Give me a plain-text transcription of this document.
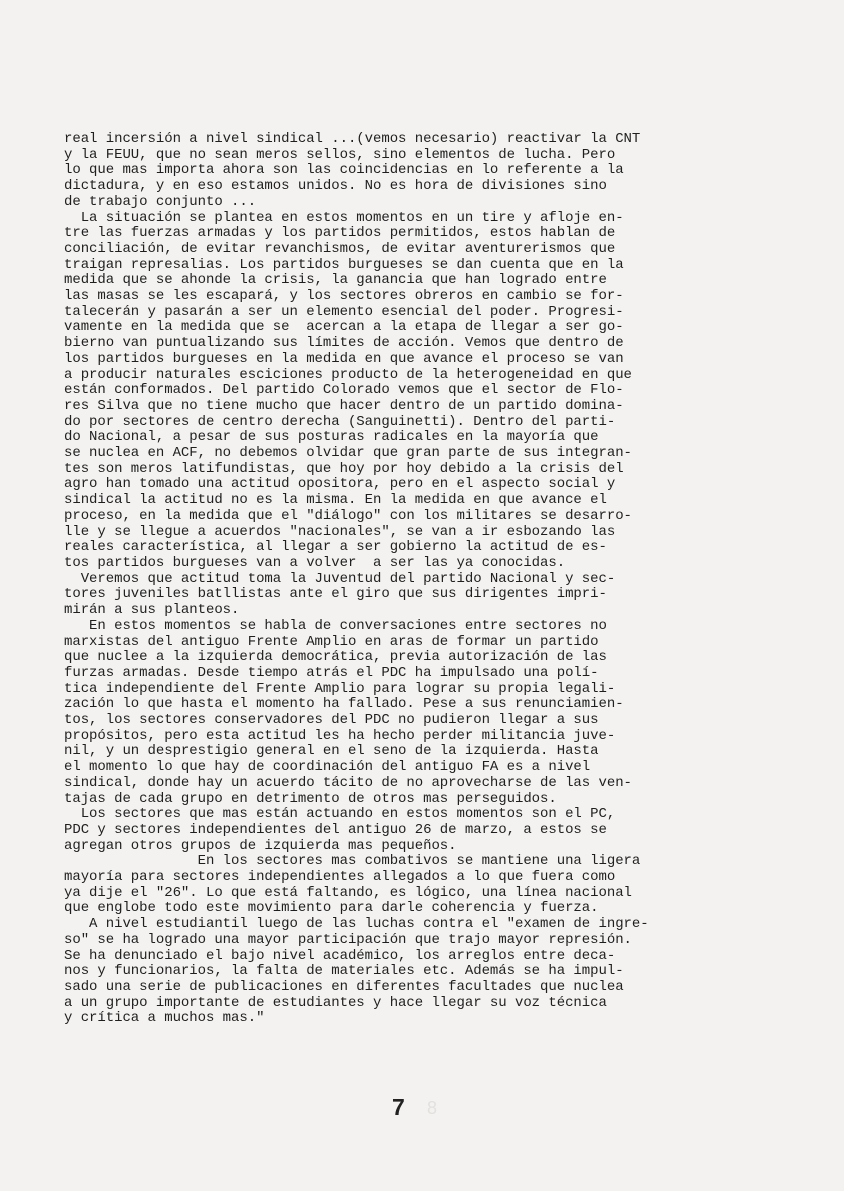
real incersión a nivel sindical ...(vemos necesario) reactivar la CNT
y la FEUU, que no sean meros sellos, sino elementos de lucha. Pero
lo que mas importa ahora son las coincidencias en lo referente a la
dictadura, y en eso estamos unidos. No es hora de divisiones sino
de trabajo conjunto ...
La situación se plantea en estos momentos en un tire y afloje en-
tre las fuerzas armadas y los partidos permitidos, estos hablan de
conciliación, de evitar revanchismos, de evitar aventurerismos que
traigan represalias. Los partidos burgueses se dan cuenta que en la
medida que se ahonde la crisis, la ganancia que han logrado entre
las masas se les escapará, y los sectores obreros en cambio se for-
talecerán y pasarán a ser un elemento esencial del poder. Progresi-
vamente en la medida que se  acercan a la etapa de llegar a ser go-
bierno van puntualizando sus límites de acción. Vemos que dentro de
los partidos burgueses en la medida en que avance el proceso se van
a producir naturales esciciones producto de la heterogeneidad en que
están conformados. Del partido Colorado vemos que el sector de Flo-
res Silva que no tiene mucho que hacer dentro de un partido domina-
do por sectores de centro derecha (Sanguinetti). Dentro del parti-
do Nacional, a pesar de sus posturas radicales en la mayoría que
se nuclea en ACF, no debemos olvidar que gran parte de sus integran-
tes son meros latifundistas, que hoy por hoy debido a la crisis del
agro han tomado una actitud opositora, pero en el aspecto social y
sindical la actitud no es la misma. En la medida en que avance el
proceso, en la medida que el "diálogo" con los militares se desarro-
lle y se llegue a acuerdos "nacionales", se van a ir esbozando las
reales característica, al llegar a ser gobierno la actitud de es-
tos partidos burgueses van a volver  a ser las ya conocidas.
Veremos que actitud toma la Juventud del partido Nacional y sec-
tores juveniles batllistas ante el giro que sus dirigentes impri-
mirán a sus planteos.
En estos momentos se habla de conversaciones entre sectores no
marxistas del antiguo Frente Amplio en aras de formar un partido
que nuclee a la izquierda democrática, previa autorización de las
furzas armadas. Desde tiempo atrás el PDC ha impulsado una polí-
tica independiente del Frente Amplio para lograr su propia legali-
zación lo que hasta el momento ha fallado. Pese a sus renunciamien-
tos, los sectores conservadores del PDC no pudieron llegar a sus
propósitos, pero esta actitud les ha hecho perder militancia juve-
nil, y un desprestigio general en el seno de la izquierda. Hasta
el momento lo que hay de coordinación del antiguo FA es a nivel
sindical, donde hay un acuerdo tácito de no aprovecharse de las ven-
tajas de cada grupo en detrimento de otros mas perseguidos.
Los sectores que mas están actuando en estos momentos son el PC,
PDC y sectores independientes del antiguo 26 de marzo, a estos se
agregan otros grupos de izquierda mas pequeños.
En los sectores mas combativos se mantiene una ligera
mayoría para sectores independientes allegados a lo que fuera como
ya dije el "26". Lo que está faltando, es lógico, una línea nacional
que englobe todo este movimiento para darle coherencia y fuerza.
A nivel estudiantil luego de las luchas contra el "examen de ingre-
so" se ha logrado una mayor participación que trajo mayor represión.
Se ha denunciado el bajo nivel académico, los arreglos entre deca-
nos y funcionarios, la falta de materiales etc. Además se ha impul-
sado una serie de publicaciones en diferentes facultades que nuclea
a un grupo importante de estudiantes y hace llegar su voz técnica
y crítica a muchos mas."
7 8
